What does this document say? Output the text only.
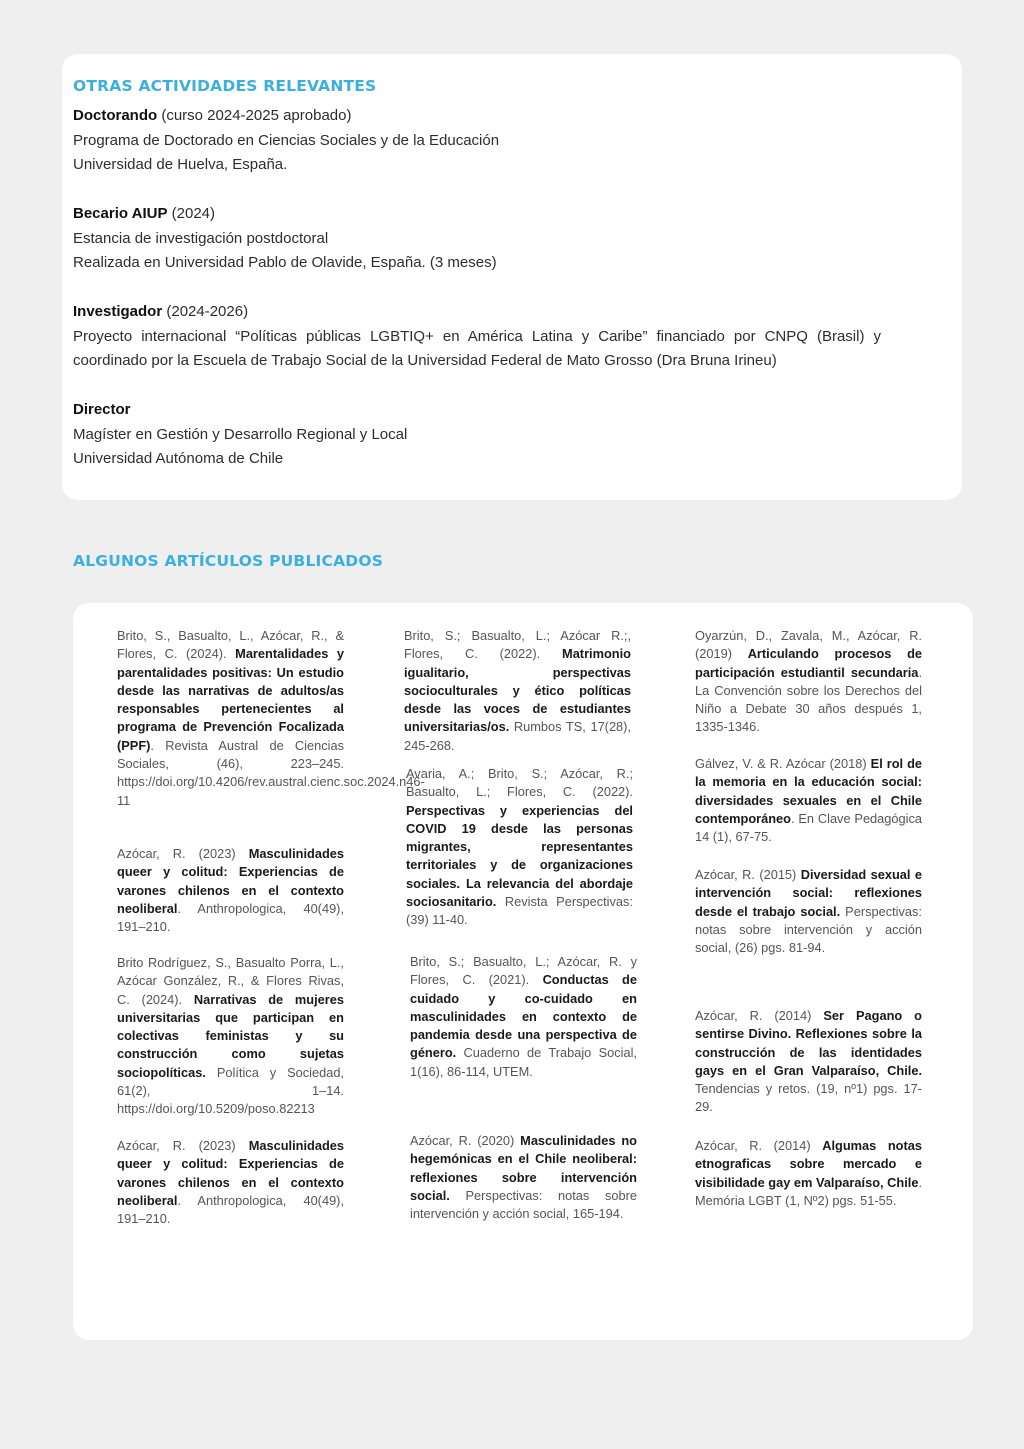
OTRAS ACTIVIDADES RELEVANTES

Doctorando (curso 2024-2025 aprobado)

Programa de Doctorado en Ciencias Sociales y de la Educación

Universidad de Huelva, España.

Becario AIUP (2024)

Estancia de investigación postdoctoral

Realizada en Universidad Pablo de Olavide, España. (3 meses)

Investigador (2024-2026)

Proyecto internacional “Políticas públicas LGBTIQ+ en América Latina y Caribe” financiado por CNPQ (Brasil) y coordinado por la Escuela de Trabajo Social de la Universidad Federal de Mato Grosso (Dra Bruna Irineu)

Director

Magíster en Gestión y Desarrollo Regional y Local

Universidad Autónoma de Chile

ALGUNOS ARTÍCULOS PUBLICADOS

Brito, S., Basualto, L., Azócar, R., & Flores, C. (2024). Marentalidades y parentalidades positivas: Un estudio desde las narrativas de adultos/as responsables pertenecientes al programa de Prevención Focalizada (PPF). Revista Austral de Ciencias Sociales, (46), 223–245. https://doi.org/10.4206/rev.austral.cienc.soc.2024.n46-11

Azócar, R. (2023) Masculinidades queer y colitud: Experiencias de varones chilenos en el contexto neoliberal. Anthropologica, 40(49), 191–210.

Brito Rodríguez, S., Basualto Porra, L., Azócar González, R., & Flores Rivas, C. (2024). Narrativas de mujeres universitarias que participan en colectivas feministas y su construcción como sujetas sociopolíticas. Política y Sociedad, 61(2), 1–14. https://doi.org/10.5209/poso.82213

Azócar, R. (2023) Masculinidades queer y colitud: Experiencias de varones chilenos en el contexto neoliberal. Anthropologica, 40(49), 191–210.

Brito, S.; Basualto, L.; Azócar R.;, Flores, C. (2022). Matrimonio igualitario, perspectivas socioculturales y ético políticas desde las voces de estudiantes universitarias/os. Rumbos TS, 17(28), 245-268.

Avaria, A.; Brito, S.; Azócar, R.; Basualto, L.; Flores, C. (2022). Perspectivas y experiencias del COVID 19 desde las personas migrantes, representantes territoriales y de organizaciones sociales. La relevancia del abordaje sociosanitario. Revista Perspectivas: (39) 11-40.

Brito, S.; Basualto, L.; Azócar, R. y Flores, C. (2021). Conductas de cuidado y co-cuidado en masculinidades en contexto de pandemia desde una perspectiva de género. Cuaderno de Trabajo Social, 1(16), 86-114, UTEM.

Azócar, R. (2020) Masculinidades no hegemónicas en el Chile neoliberal: reflexiones sobre intervención social. Perspectivas: notas sobre intervención y acción social, 165-194.

Oyarzún, D., Zavala, M., Azócar, R. (2019) Articulando procesos de participación estudiantil secundaria. La Convención sobre los Derechos del Niño a Debate 30 años después 1, 1335-1346.

Gálvez, V. & R. Azócar (2018) El rol de la memoria en la educación social: diversidades sexuales en el Chile contemporáneo. En Clave Pedagógica 14 (1), 67-75.

Azócar, R. (2015) Diversidad sexual e intervención social: reflexiones desde el trabajo social. Perspectivas: notas sobre intervención y acción social, (26) pgs. 81-94.

Azócar, R. (2014) Ser Pagano o sentirse Divino. Reflexiones sobre la construcción de las identidades gays en el Gran Valparaíso, Chile. Tendencias y retos. (19, nº1) pgs. 17-29.

Azócar, R. (2014) Algumas notas etnograficas sobre mercado e visibilidade gay em Valparaíso, Chile. Memória LGBT (1, Nº2) pgs. 51-55.
